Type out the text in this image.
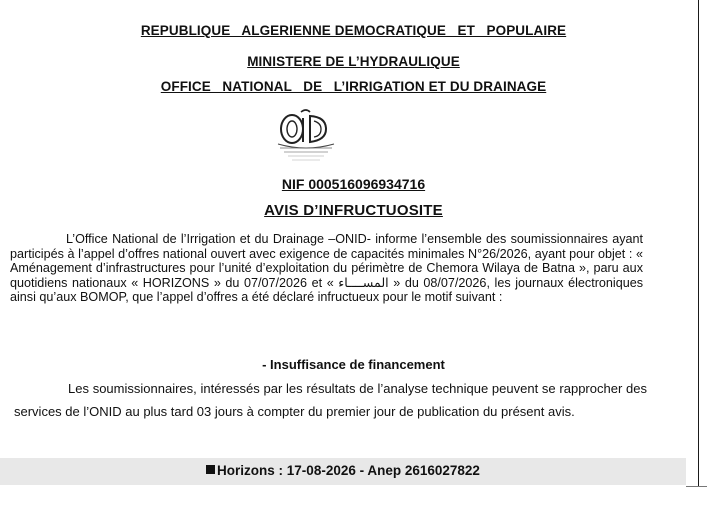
REPUBLIQUE   ALGERIENNE DEMOCRATIQUE   ET   POPULAIRE
MINISTERE DE L’HYDRAULIQUE
OFFICE   NATIONAL   DE   L’IRRIGATION ET DU DRAINAGE
NIF 000516096934716
AVIS D’INFRUCTUOSITE
L’Office National de l’Irrigation et du Drainage –ONID- informe l’ensemble des soumissionnaires ayant participés à l’appel d’offres national ouvert avec exigence de capacités minimales N°26/2026, ayant pour objet : « Aménagement d’infrastructures pour l’unité d’exploitation du périmètre de Chemora Wilaya de Batna », paru aux quotidiens nationaux « HORIZONS » du 07/07/2026 et « المســــاء » du 08/07/2026, les journaux électroniques ainsi qu’aux BOMOP, que l’appel d’offres a été déclaré infructueux pour le motif suivant :
- Insuffisance de financement
Les soumissionnaires, intéressés par les résultats de l’analyse technique peuvent se rapprocher des services de l’ONID au plus tard 03 jours à compter du premier jour de publication du présent avis.
Horizons : 17-08-2026 - Anep 2616027822
